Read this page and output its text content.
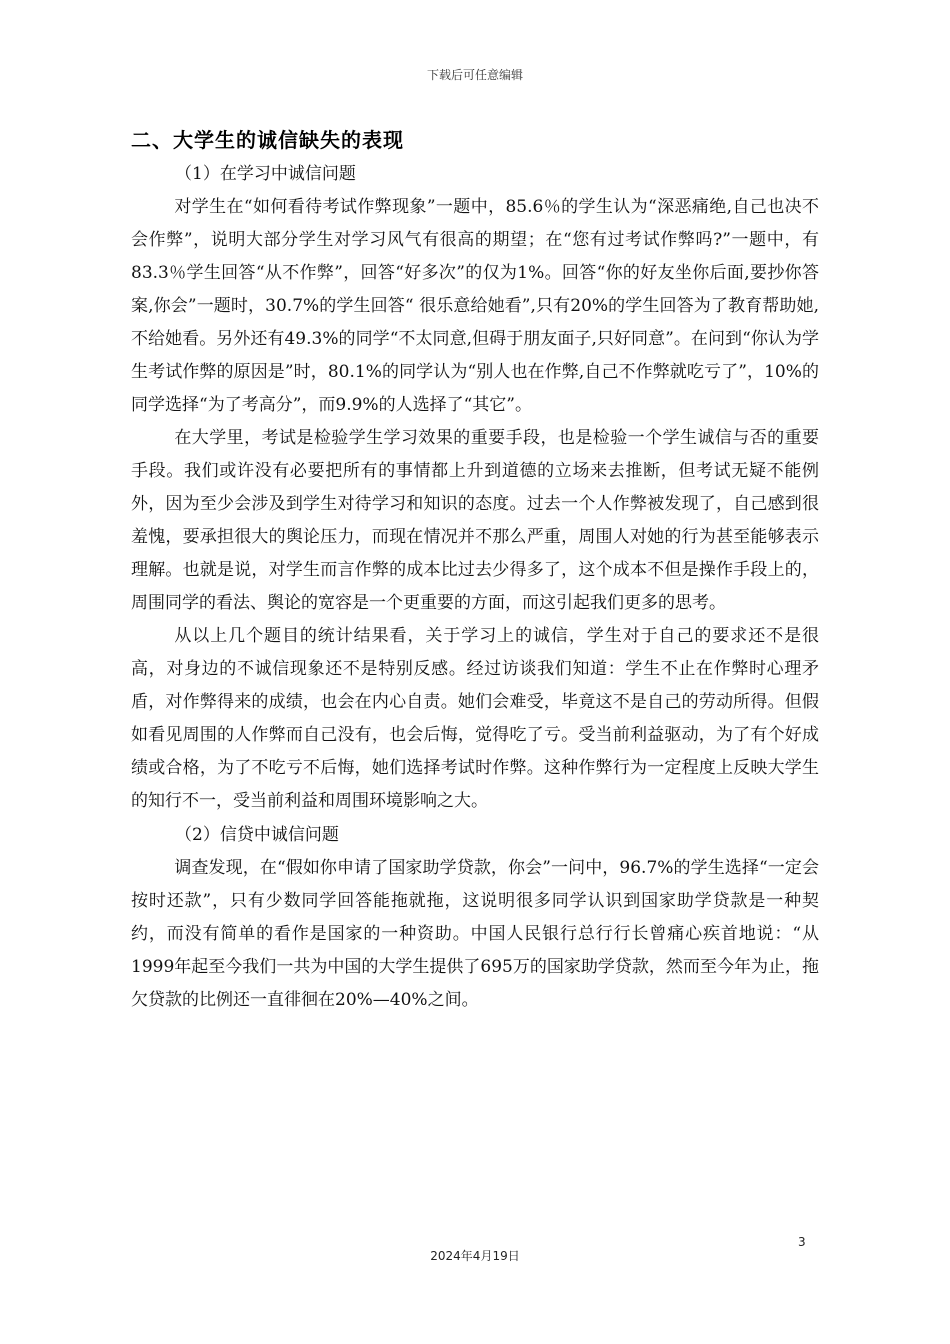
下载后可任意编辑
二、大学生的诚信缺失的表现

（1）在学习中诚信问题

对学生在“如何看待考试作弊现象”一题中，85.6％的学生认为“深恶痛绝,自己也决不会作弊”，说明大部分学生对学习风气有很高的期望；在“您有过考试作弊吗?”一题中，有83.3％学生回答“从不作弊”，回答“好多次”的仅为1%。回答“你的好友坐你后面,要抄你答案,你会”一题时，30.7%的学生回答“ 很乐意给她看”,只有20%的学生回答为了教育帮助她,不给她看。另外还有49.3%的同学“不太同意,但碍于朋友面子,只好同意”。在问到“你认为学生考试作弊的原因是”时，80.1%的同学认为“别人也在作弊,自己不作弊就吃亏了”，10%的同学选择“为了考高分”，而9.9%的人选择了“其它”。

在大学里，考试是检验学生学习效果的重要手段，也是检验一个学生诚信与否的重要手段。我们或许没有必要把所有的事情都上升到道德的立场来去推断，但考试无疑不能例外，因为至少会涉及到学生对待学习和知识的态度。过去一个人作弊被发现了，自己感到很羞愧，要承担很大的舆论压力，而现在情况并不那么严重，周围人对她的行为甚至能够表示理解。也就是说，对学生而言作弊的成本比过去少得多了，这个成本不但是操作手段上的，周围同学的看法、舆论的宽容是一个更重要的方面，而这引起我们更多的思考。

从以上几个题目的统计结果看，关于学习上的诚信，学生对于自己的要求还不是很高，对身边的不诚信现象还不是特别反感。经过访谈我们知道：学生不止在作弊时心理矛盾，对作弊得来的成绩，也会在内心自责。她们会难受，毕竟这不是自己的劳动所得。但假如看见周围的人作弊而自己没有，也会后悔，觉得吃了亏。受当前利益驱动，为了有个好成绩或合格，为了不吃亏不后悔，她们选择考试时作弊。这种作弊行为一定程度上反映大学生的知行不一，受当前利益和周围环境影响之大。

（2）信贷中诚信问题

调查发现，在“假如你申请了国家助学贷款，你会”一问中，96.7%的学生选择“一定会按时还款”，只有少数同学回答能拖就拖，这说明很多同学认识到国家助学贷款是一种契约，而没有简单的看作是国家的一种资助。中国人民银行总行行长曾痛心疾首地说：“从1999年起至今我们一共为中国的大学生提供了695万的国家助学贷款，然而至今年为止，拖欠贷款的比例还一直徘徊在20%—40%之间。

3
2024年4月19日
